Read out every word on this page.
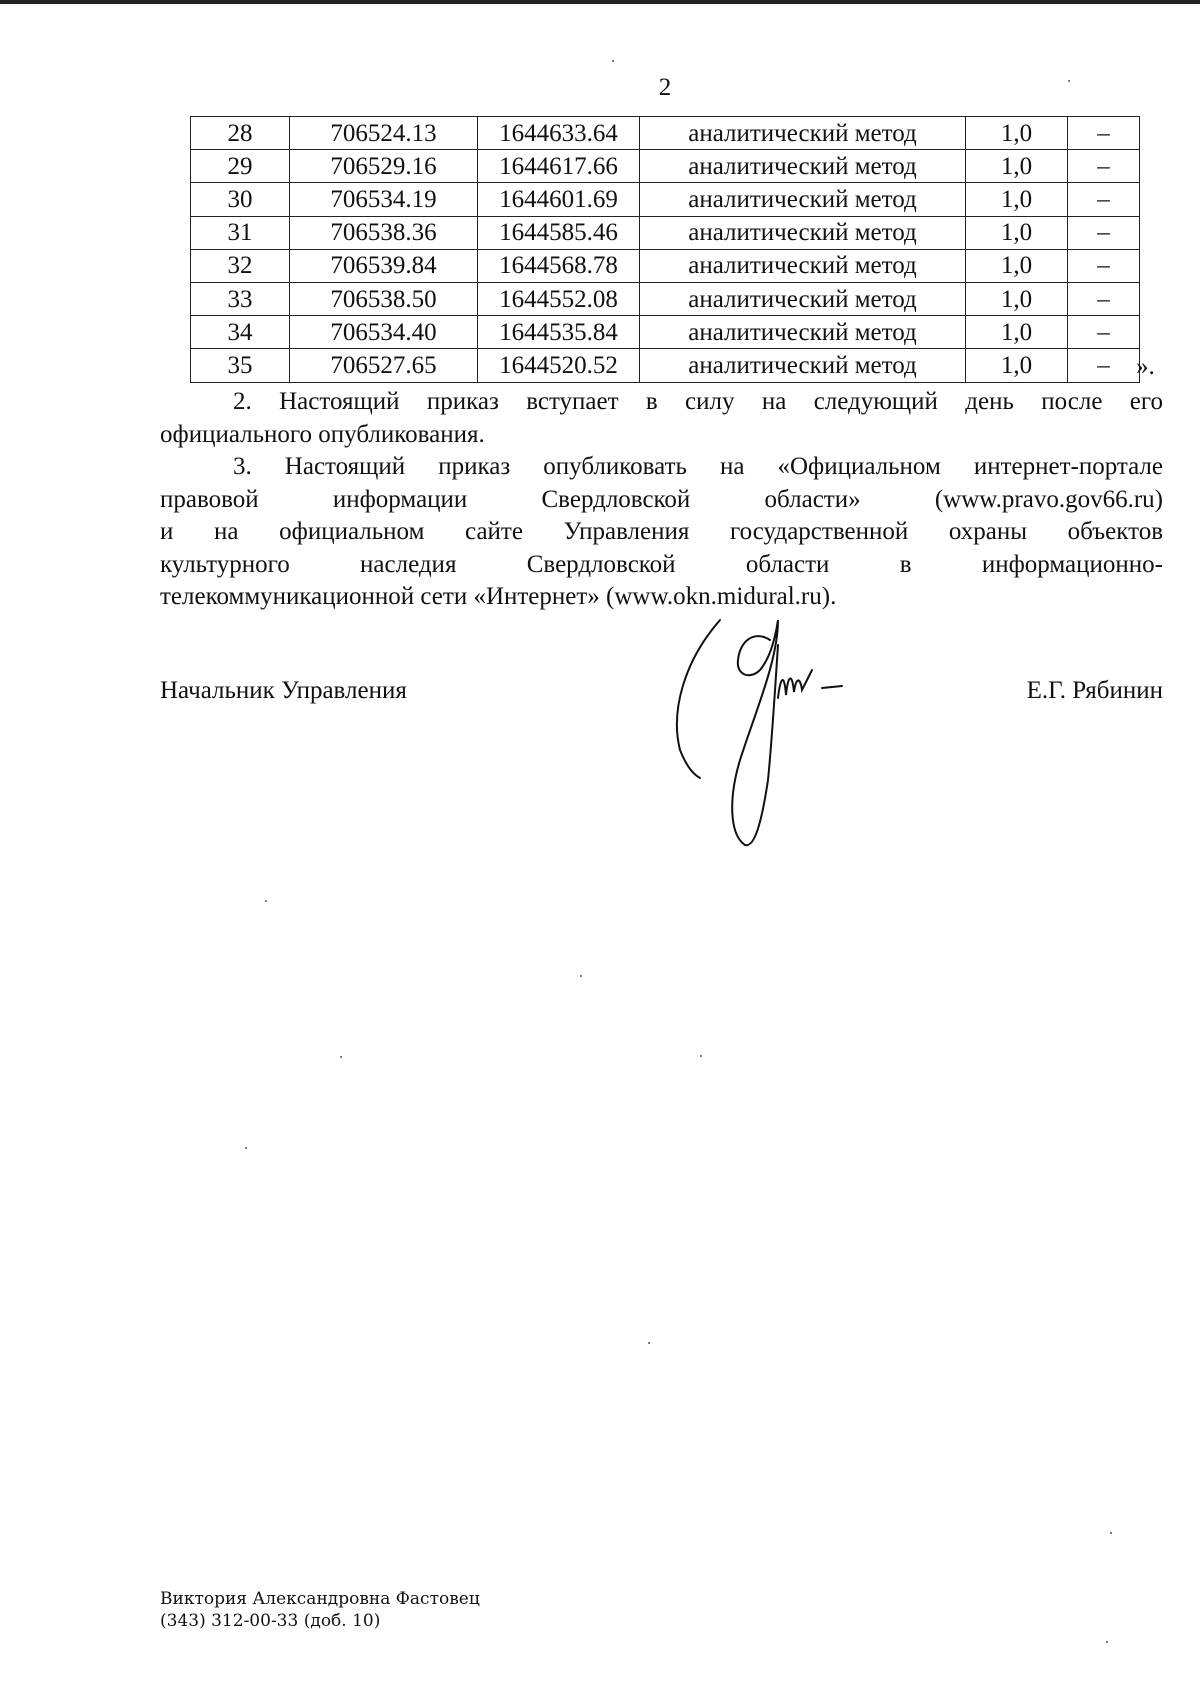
2
28	706524.13	1644633.64	аналитический метод	1,0	–
29	706529.16	1644617.66	аналитический метод	1,0	–
30	706534.19	1644601.69	аналитический метод	1,0	–
31	706538.36	1644585.46	аналитический метод	1,0	–
32	706539.84	1644568.78	аналитический метод	1,0	–
33	706538.50	1644552.08	аналитический метод	1,0	–
34	706534.40	1644535.84	аналитический метод	1,0	–
35	706527.65	1644520.52	аналитический метод	1,0	– ».
2. Настоящий приказ вступает в силу на следующий день после его
официального опубликования.
3. Настоящий приказ опубликовать на «Официальном интернет-портале
правовой информации Свердловской области» (www.pravo.gov66.ru)
и на официальном сайте Управления государственной охраны объектов
культурного наследия Свердловской области в информационно-
телекоммуникационной сети «Интернет» (www.okn.midural.ru).
Начальник Управления	Е.Г. Рябинин
Виктория Александровна Фастовец
(343) 312-00-33 (доб. 10)
